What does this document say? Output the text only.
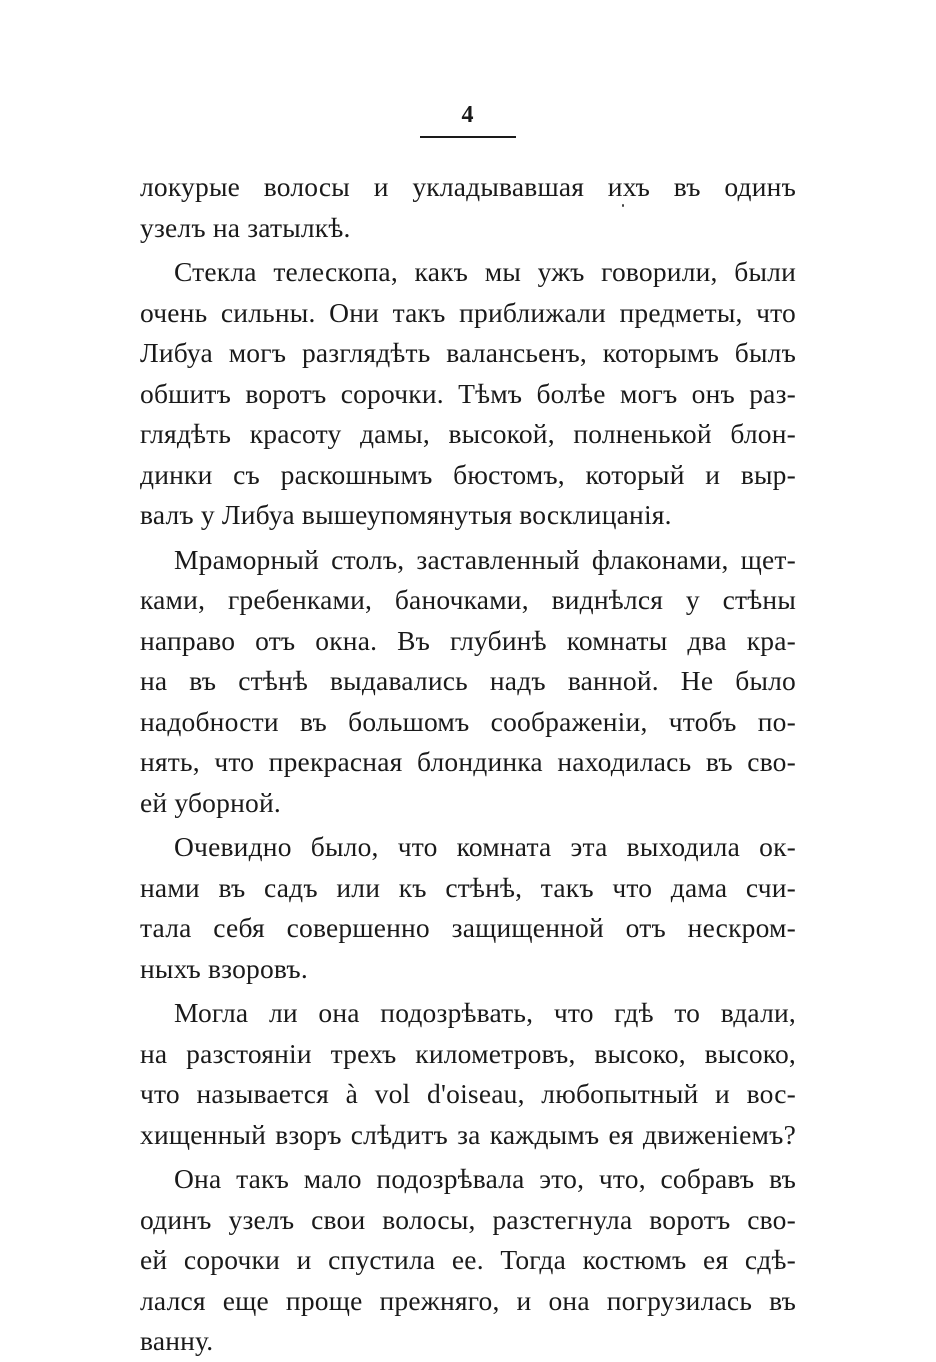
4
локурые волосы и укладывавшая ихъ въ одинъ
узелъ на затылкѣ.
Стекла телескопа, какъ мы ужъ говорили, были
очень сильны. Они такъ приближали предметы, что
Либуа могъ разглядѣть валансьенъ, которымъ былъ
обшитъ воротъ сорочки. Тѣмъ болѣе могъ онъ раз-
глядѣть красоту дамы, высокой, полненькой блон-
динки съ раскошнымъ бюстомъ, который и выр-
валъ у Либуа вышеупомянутыя восклицанія.
Мраморный столъ, заставленный флаконами, щет-
ками, гребенками, баночками, виднѣлся у стѣны
направо отъ окна. Въ глубинѣ комнаты два кра-
на въ стѣнѣ выдавались надъ ванной. Не было
надобности въ большомъ соображеніи, чтобъ по-
нять, что прекрасная блондинка находилась въ сво-
ей уборной.
Очевидно было, что комната эта выходила ок-
нами въ садъ или къ стѣнѣ, такъ что дама счи-
тала себя совершенно защищенной отъ нескром-
ныхъ взоровъ.
Могла ли она подозрѣвать, что гдѣ то вдали,
на разстояніи трехъ километровъ, высоко, высоко,
что называется à vol d'oiseau, любопытный и вос-
хищенный взоръ слѣдитъ за каждымъ ея движеніемъ?
Она такъ мало подозрѣвала это, что, собравъ въ
одинъ узелъ свои волосы, разстегнула воротъ сво-
ей сорочки и спустила ее. Тогда костюмъ ея сдѣ-
лался еще проще прежняго, и она погрузилась въ
ванну.
